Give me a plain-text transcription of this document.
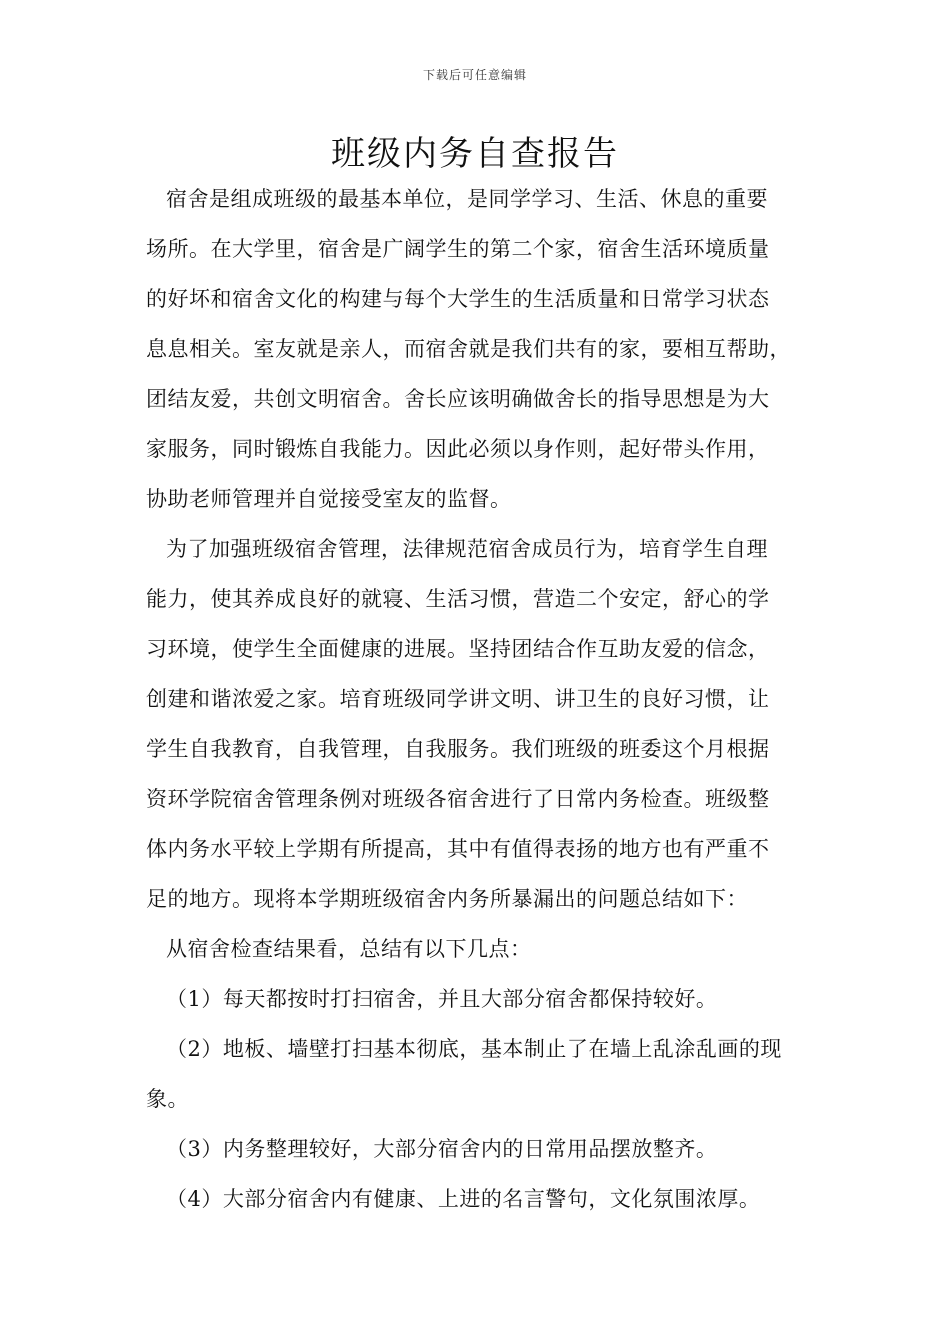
下载后可任意编辑
班级内务自查报告
宿舍是组成班级的最基本单位，是同学学习、生活、休息的重要
场所。在大学里，宿舍是广阔学生的第二个家，宿舍生活环境质量
的好坏和宿舍文化的构建与每个大学生的生活质量和日常学习状态
息息相关。室友就是亲人，而宿舍就是我们共有的家，要相互帮助，
团结友爱，共创文明宿舍。舍长应该明确做舍长的指导思想是为大
家服务，同时锻炼自我能力。因此必须以身作则，起好带头作用，
协助老师管理并自觉接受室友的监督。
为了加强班级宿舍管理，法律规范宿舍成员行为，培育学生自理
能力，使其养成良好的就寝、生活习惯，营造二个安定，舒心的学
习环境，使学生全面健康的进展。坚持团结合作互助友爱的信念，
创建和谐浓爱之家。培育班级同学讲文明、讲卫生的良好习惯，让
学生自我教育，自我管理，自我服务。我们班级的班委这个月根据
资环学院宿舍管理条例对班级各宿舍进行了日常内务检查。班级整
体内务水平较上学期有所提高，其中有值得表扬的地方也有严重不
足的地方。现将本学期班级宿舍内务所暴漏出的问题总结如下：
从宿舍检查结果看，总结有以下几点：
（1）每天都按时打扫宿舍，并且大部分宿舍都保持较好。
（2）地板、墙壁打扫基本彻底，基本制止了在墙上乱涂乱画的现
象。
（3）内务整理较好，大部分宿舍内的日常用品摆放整齐。
（4）大部分宿舍内有健康、上进的名言警句，文化氛围浓厚。
